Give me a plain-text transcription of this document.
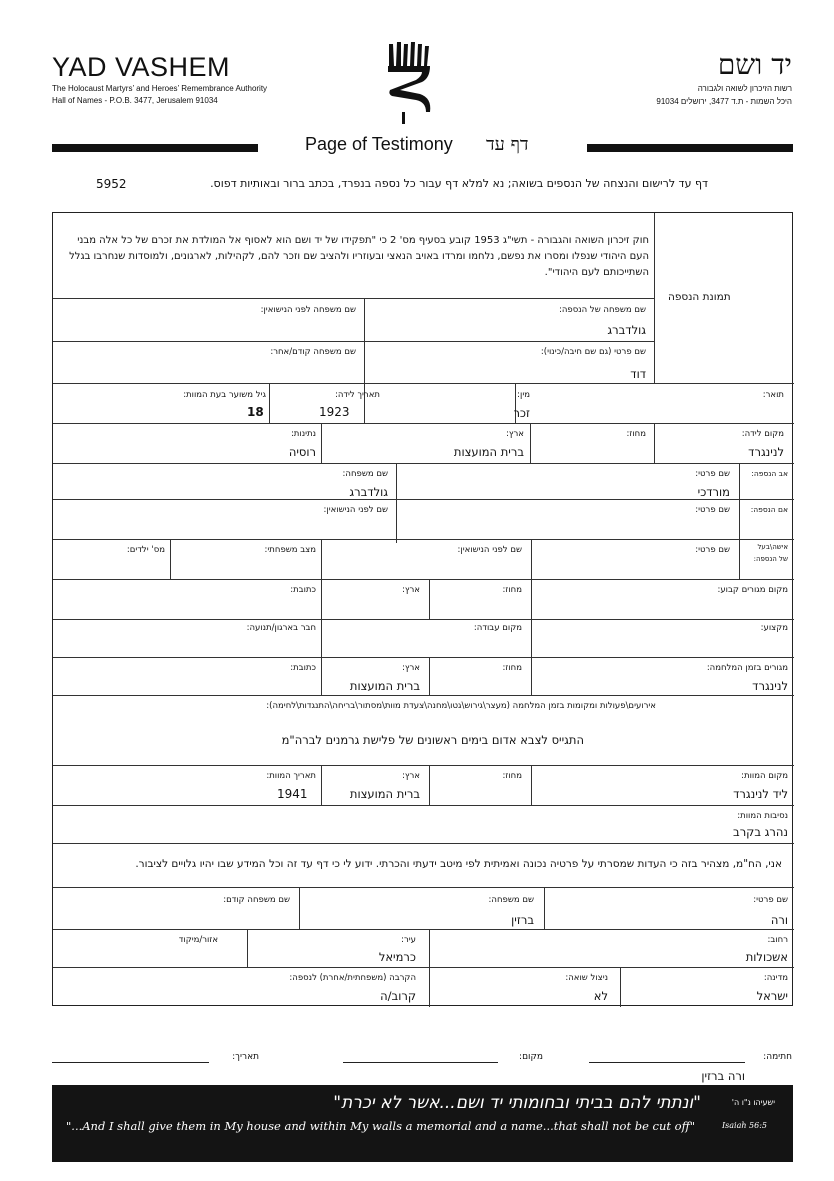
YAD VASHEM
The Holocaust Martyrs’ and Heroes’ Remembrance Authority
Hall of Names - P.O.B. 3477, Jerusalem 91034
יד ושם
רשות הזיכרון לשואה ולגבורה
היכל השמות - ת.ד 3477, ירושלים 91034
Page of Testimony דף עד
דף עד לרישום והנצחה של הנספים בשואה; נא למלא דף עבור כל נספה בנפרד, בכתב ברור ובאותיות דפוס.
5952
תמונת הנספה
חוק זיכרון השואה והגבורה - תשי"ג 1953 קובע בסעיף מס' 2 כי "תפקידו של יד ושם הוא לאסוף אל המולדת את זכרם של כל אלה מבני העם היהודי שנפלו ומסרו את נפשם, נלחמו ומרדו באויב הנאצי ובעוזריו ולהציב שם וזכר להם, לקהילות, לארגונים, ולמוסדות שנחרבו בגלל השתייכותם לעם היהודי".
שם משפחה של הנספה:
גולדברג
שם משפחה לפני הנישואין:
שם פרטי (גם שם חיבה/כינוי):
דוד
שם משפחה קודם/אחר:
תואר:
מין:
זכר
תאריך לידה:
1923
גיל משוער בעת המוות:
18
מקום לידה:
לנינגרד
מחוז:
ארץ:
ברית המועצות
נתינות:
רוסיה
אב הנספה:
שם פרטי:
מורדכי
שם משפחה:
גולדברג
אם הנספה:
שם פרטי:
שם לפני הנישואין:
אישה\בעל
של הנספה:
שם פרטי:
שם לפני הנישואין:
מצב משפחתי:
מס' ילדים:
מקום מגורים קבוע:
מחוז:
ארץ:
כתובת:
מקצוע:
מקום עבודה:
חבר בארגון/תנועה:
מגורים בזמן המלחמה:
לנינגרד
מחוז:
ארץ:
ברית המועצות
כתובת:
אירועים\פעולות ומקומות בזמן המלחמה (מעצר\גירוש\גטו\מחנה\צעדת מוות\מסתור\בריחה\התנגדות\לחימה):
התגייס לצבא אדום בימים ראשונים של פלישת גרמנים לברה"מ
מקום המוות:
ליד לנינגרד
מחוז:
ארץ:
ברית המועצות
תאריך המוות:
1941
נסיבות המוות:
נהרג בקרב
אני, הח"מ, מצהיר בזה כי העדות שמסרתי על פרטיה נכונה ואמיתית לפי מיטב ידעתי והכרתי. ידוע לי כי דף עד זה וכל המידע שבו יהיו גלויים לציבור.
שם פרטי:
ורה
שם משפחה:
ברזין
שם משפחה קודם:
רחוב:
אשכולות
עיר:
כרמיאל
אזור/מיקוד
מדינה:
ישראל
ניצול שואה:
לא
הקרבה (משפחתית/אחרת) לנספה:
קרוב/ה
חתימה:
מקום:
תאריך:
ורה ברזין
"ונתתי להם בביתי ובחומותי יד ושם...אשר לא יכרת"	ישעיהו נ"ו ה'
"...And I shall give them in My house and within My walls a memorial and a name...that shall not be cut off"	Isaiah 56:5
